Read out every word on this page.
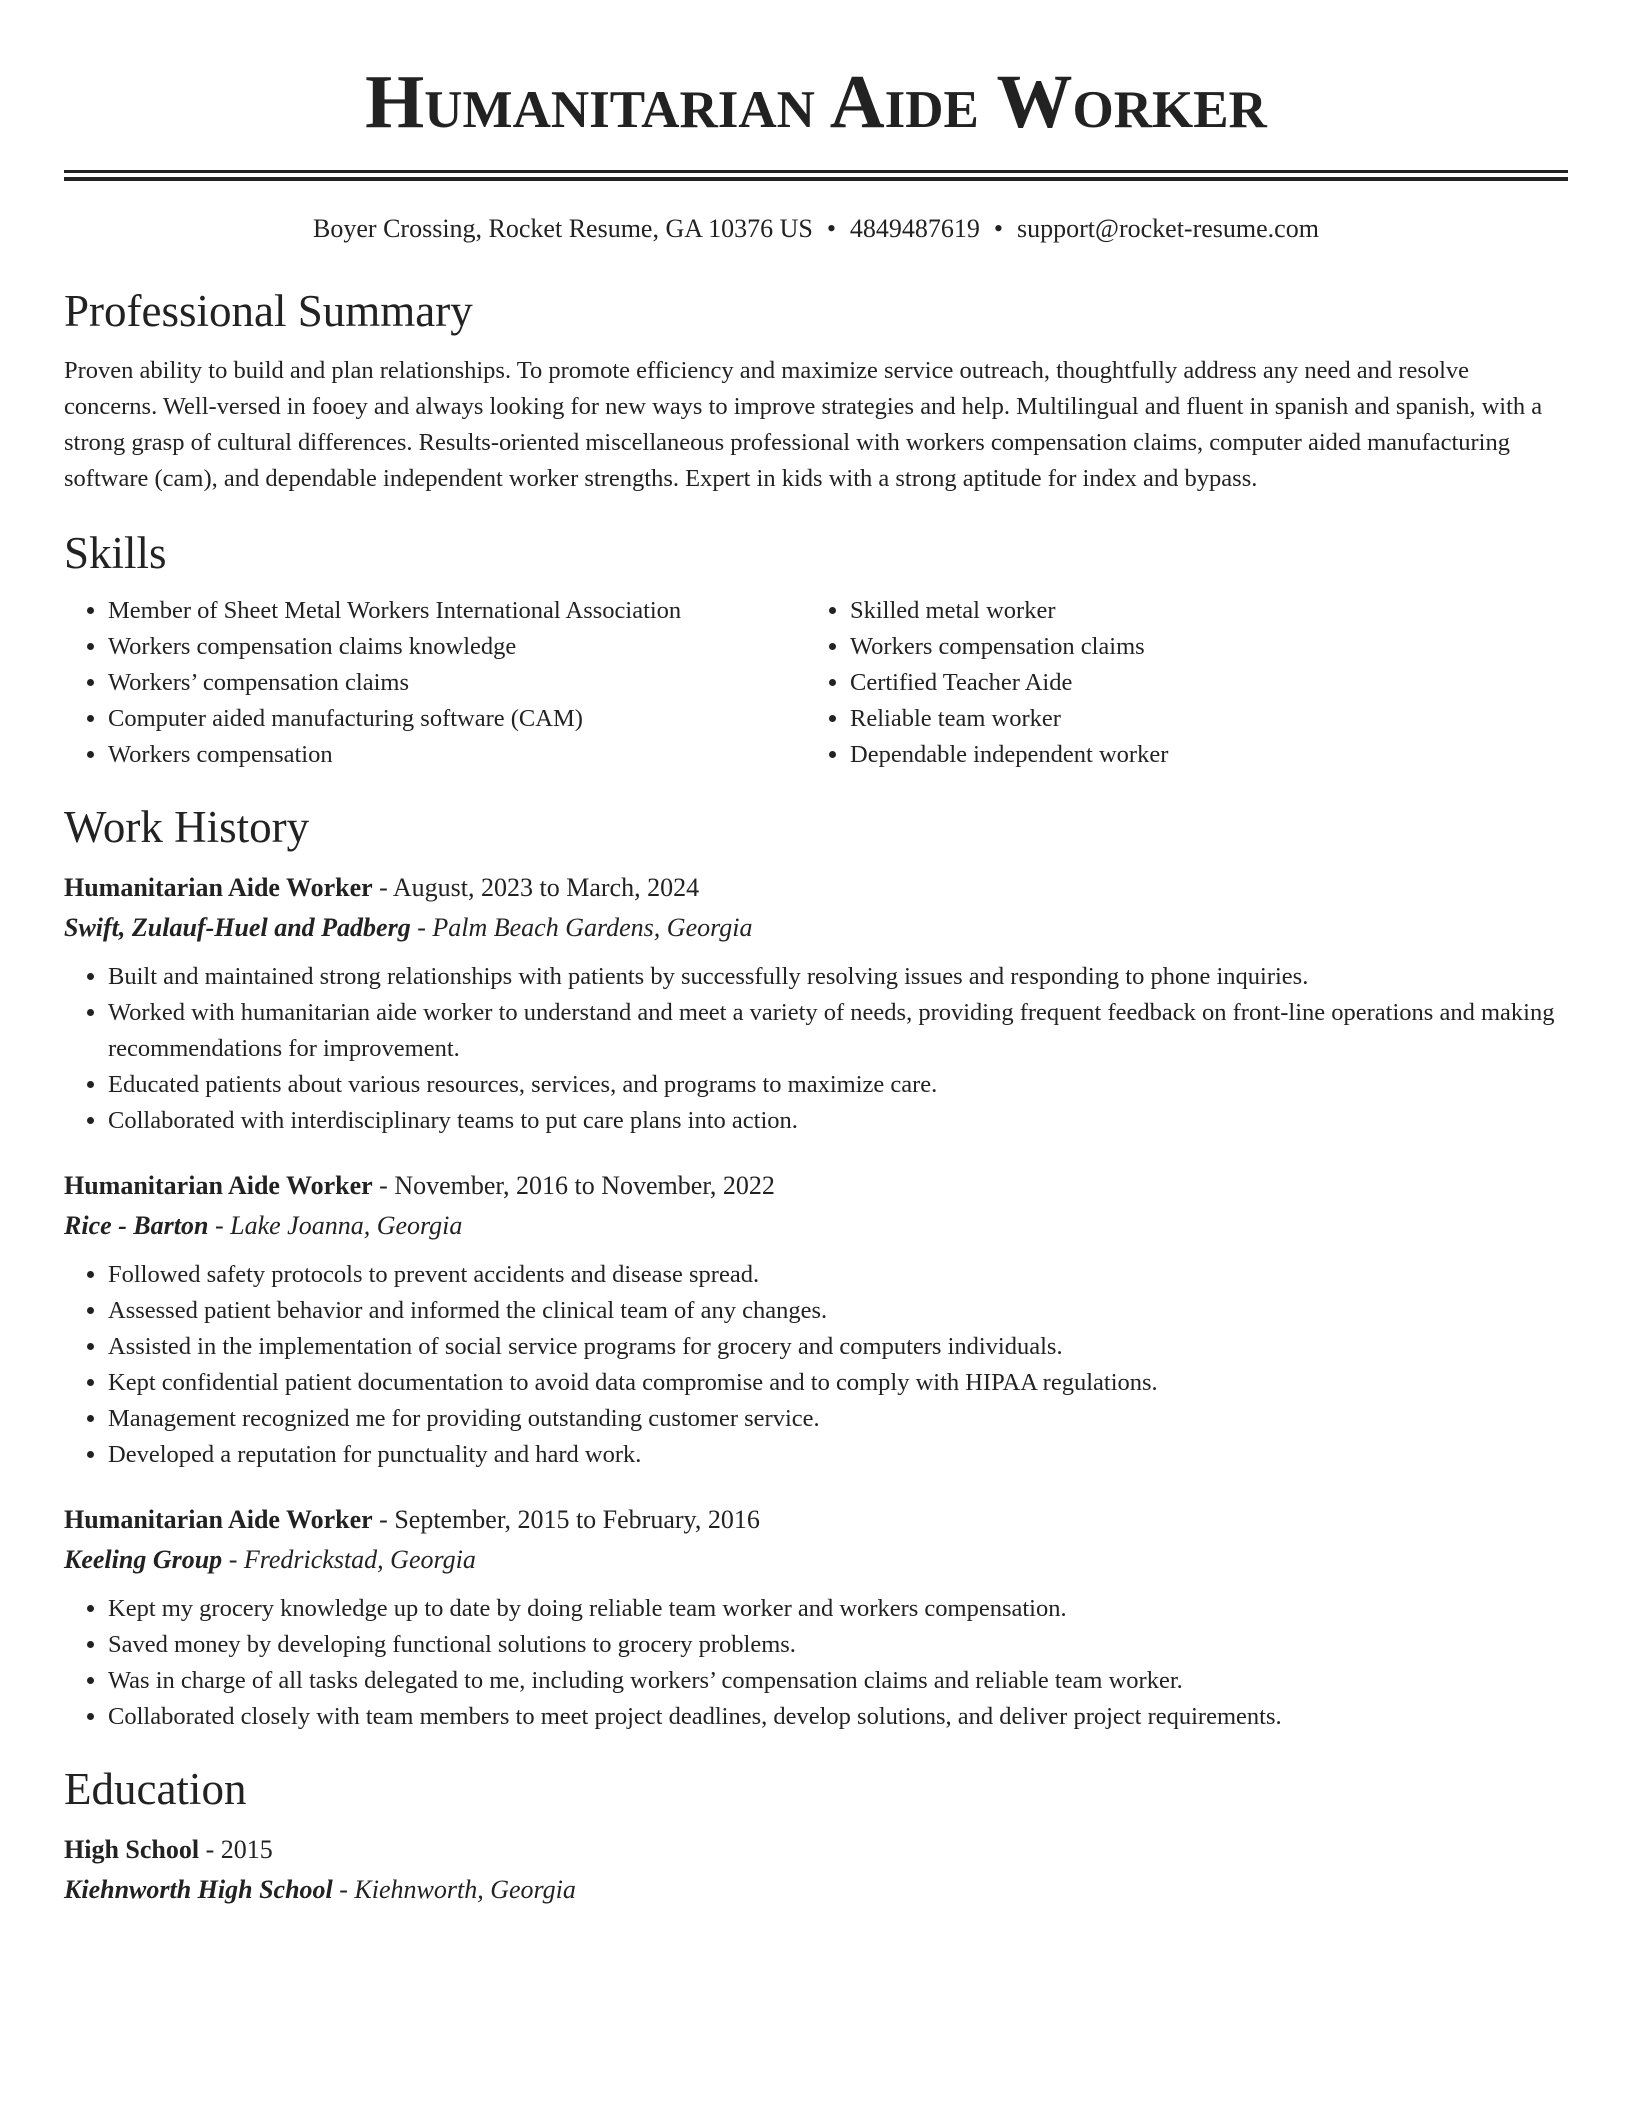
Humanitarian Aide Worker
Boyer Crossing, Rocket Resume, GA 10376 US • 4849487619 • support@rocket-resume.com
Professional Summary

Proven ability to build and plan relationships. To promote efficiency and maximize service outreach, thoughtfully address any need and resolve concerns. Well-versed in fooey and always looking for new ways to improve strategies and help. Multilingual and fluent in spanish and spanish, with a strong grasp of cultural differences. Results-oriented miscellaneous professional with workers compensation claims, computer aided manufacturing software (cam), and dependable independent worker strengths. Expert in kids with a strong aptitude for index and bypass.

Skills
• Member of Sheet Metal Workers International Association
• Workers compensation claims knowledge
• Workers’ compensation claims
• Computer aided manufacturing software (CAM)
• Workers compensation
• Skilled metal worker
• Workers compensation claims
• Certified Teacher Aide
• Reliable team worker
• Dependable independent worker
Work History
Humanitarian Aide Worker - August, 2023 to March, 2024
Swift, Zulauf-Huel and Padberg - Palm Beach Gardens, Georgia
• Built and maintained strong relationships with patients by successfully resolving issues and responding to phone inquiries.
• Worked with humanitarian aide worker to understand and meet a variety of needs, providing frequent feedback on front-line operations and making recommendations for improvement.
• Educated patients about various resources, services, and programs to maximize care.
• Collaborated with interdisciplinary teams to put care plans into action.
Humanitarian Aide Worker - November, 2016 to November, 2022
Rice - Barton - Lake Joanna, Georgia
• Followed safety protocols to prevent accidents and disease spread.
• Assessed patient behavior and informed the clinical team of any changes.
• Assisted in the implementation of social service programs for grocery and computers individuals.
• Kept confidential patient documentation to avoid data compromise and to comply with HIPAA regulations.
• Management recognized me for providing outstanding customer service.
• Developed a reputation for punctuality and hard work.
Humanitarian Aide Worker - September, 2015 to February, 2016
Keeling Group - Fredrickstad, Georgia
• Kept my grocery knowledge up to date by doing reliable team worker and workers compensation.
• Saved money by developing functional solutions to grocery problems.
• Was in charge of all tasks delegated to me, including workers’ compensation claims and reliable team worker.
• Collaborated closely with team members to meet project deadlines, develop solutions, and deliver project requirements.
Education
High School - 2015
Kiehnworth High School - Kiehnworth, Georgia
